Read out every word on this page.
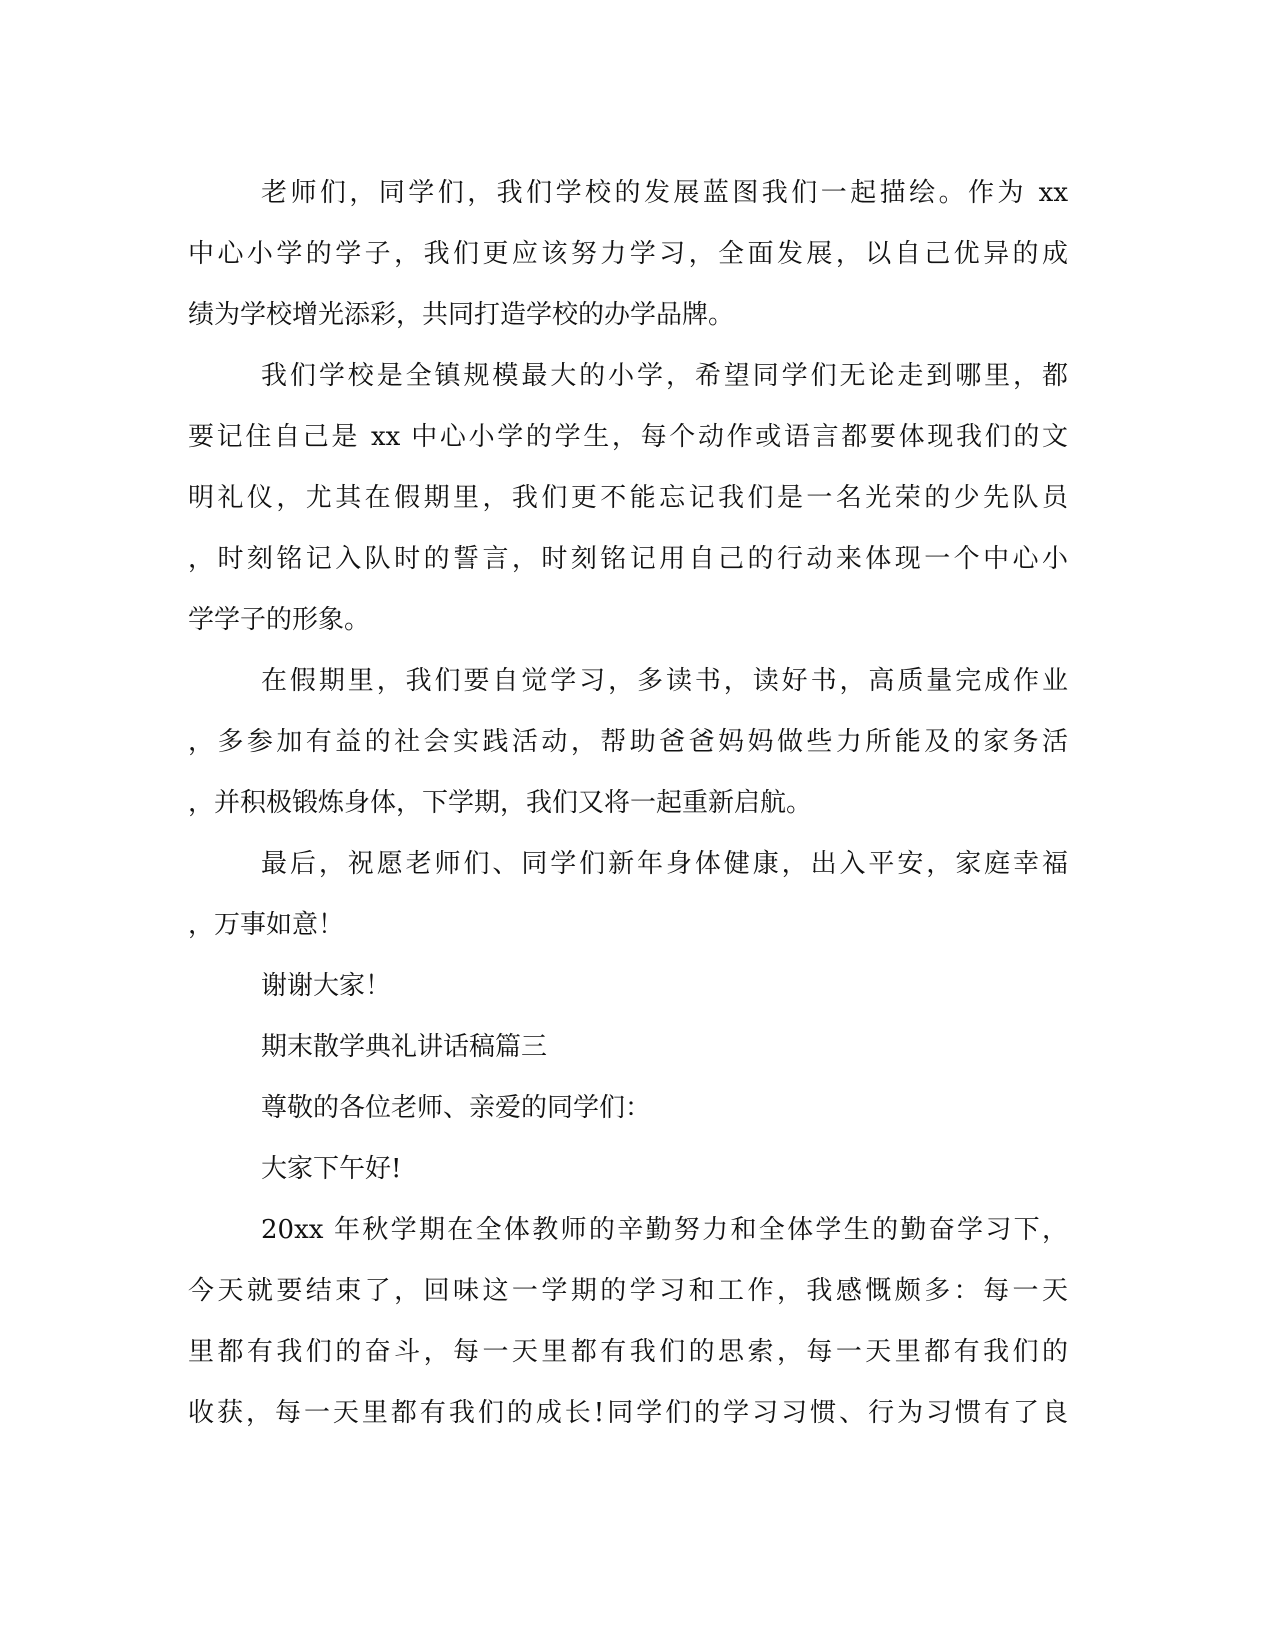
老师们，同学们，我们学校的发展蓝图我们一起描绘。作为 xx
中心小学的学子，我们更应该努力学习，全面发展，以自己优异的成
绩为学校增光添彩，共同打造学校的办学品牌。
我们学校是全镇规模最大的小学，希望同学们无论走到哪里，都
要记住自己是 xx 中心小学的学生，每个动作或语言都要体现我们的文
明礼仪，尤其在假期里，我们更不能忘记我们是一名光荣的少先队员
，时刻铭记入队时的誓言，时刻铭记用自己的行动来体现一个中心小
学学子的形象。
在假期里，我们要自觉学习，多读书，读好书，高质量完成作业
，多参加有益的社会实践活动，帮助爸爸妈妈做些力所能及的家务活
，并积极锻炼身体，下学期，我们又将一起重新启航。
最后，祝愿老师们、同学们新年身体健康，出入平安，家庭幸福
，万事如意！
谢谢大家！
期末散学典礼讲话稿篇三
尊敬的各位老师、亲爱的同学们：
大家下午好!
20xx 年秋学期在全体教师的辛勤努力和全体学生的勤奋学习下，
今天就要结束了，回味这一学期的学习和工作，我感慨颇多：每一天
里都有我们的奋斗，每一天里都有我们的思索，每一天里都有我们的
收获，每一天里都有我们的成长!同学们的学习习惯、行为习惯有了良
